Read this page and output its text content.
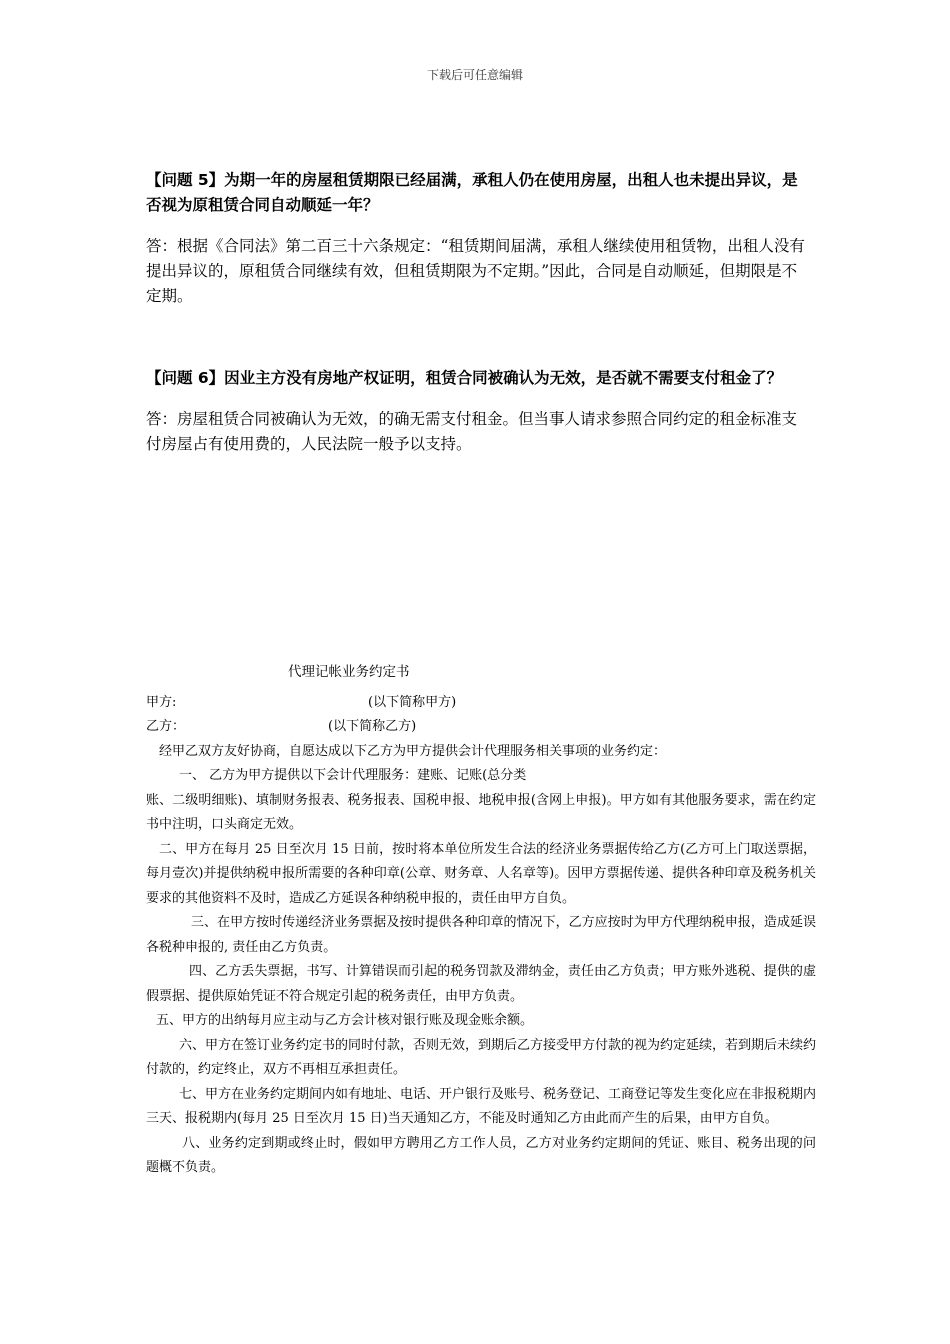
下载后可任意编辑

【问题 5】为期一年的房屋租赁期限已经届满，承租人仍在使用房屋，出租人也未提出异议，是否视为原租赁合同自动顺延一年？

答：根据《合同法》第二百三十六条规定：“租赁期间届满，承租人继续使用租赁物，出租人没有提出异议的，原租赁合同继续有效，但租赁期限为不定期。”因此，合同是自动顺延，但期限是不定期。

【问题 6】因业主方没有房地产权证明，租赁合同被确认为无效，是否就不需要支付租金了？

答：房屋租赁合同被确认为无效，的确无需支付租金。但当事人请求参照合同约定的租金标准支付房屋占有使用费的，人民法院一般予以支持。

代理记帐业务约定书
甲方:	(以下简称甲方)
乙方：	(以下简称乙方)

经甲乙双方友好协商，自愿达成以下乙方为甲方提供会计代理服务相关事项的业务约定：

一、 乙方为甲方提供以下会计代理服务：建账、记账(总分类

账、二级明细账)、填制财务报表、税务报表、国税申报、地税申报(含网上申报)。甲方如有其他服务要求，需在约定书中注明，口头商定无效。

二、甲方在每月 25 日至次月 15 日前，按时将本单位所发生合法的经济业务票据传给乙方(乙方可上门取送票据，每月壹次)并提供纳税申报所需要的各种印章(公章、财务章、人名章等)。因甲方票据传递、提供各种印章及税务机关要求的其他资料不及时，造成乙方延误各种纳税申报的，责任由甲方自负。

三、在甲方按时传递经济业务票据及按时提供各种印章的情况下，乙方应按时为甲方代理纳税申报，造成延误各税种申报的, 责任由乙方负责。

四、乙方丢失票据，书写、计算错误而引起的税务罚款及滞纳金，责任由乙方负责；甲方账外逃税、提供的虚假票据、提供原始凭证不符合规定引起的税务责任，由甲方负责。

五、甲方的出纳每月应主动与乙方会计核对银行账及现金账余额。

六、甲方在签订业务约定书的同时付款，否则无效，到期后乙方接受甲方付款的视为约定延续，若到期后未续约付款的，约定终止，双方不再相互承担责任。

七、甲方在业务约定期间内如有地址、电话、开户银行及账号、税务登记、工商登记等发生变化应在非报税期内三天、报税期内(每月 25 日至次月 15 日)当天通知乙方，不能及时通知乙方由此而产生的后果，由甲方自负。

八、业务约定到期或终止时，假如甲方聘用乙方工作人员，乙方对业务约定期间的凭证、账目、税务出现的问题概不负责。
